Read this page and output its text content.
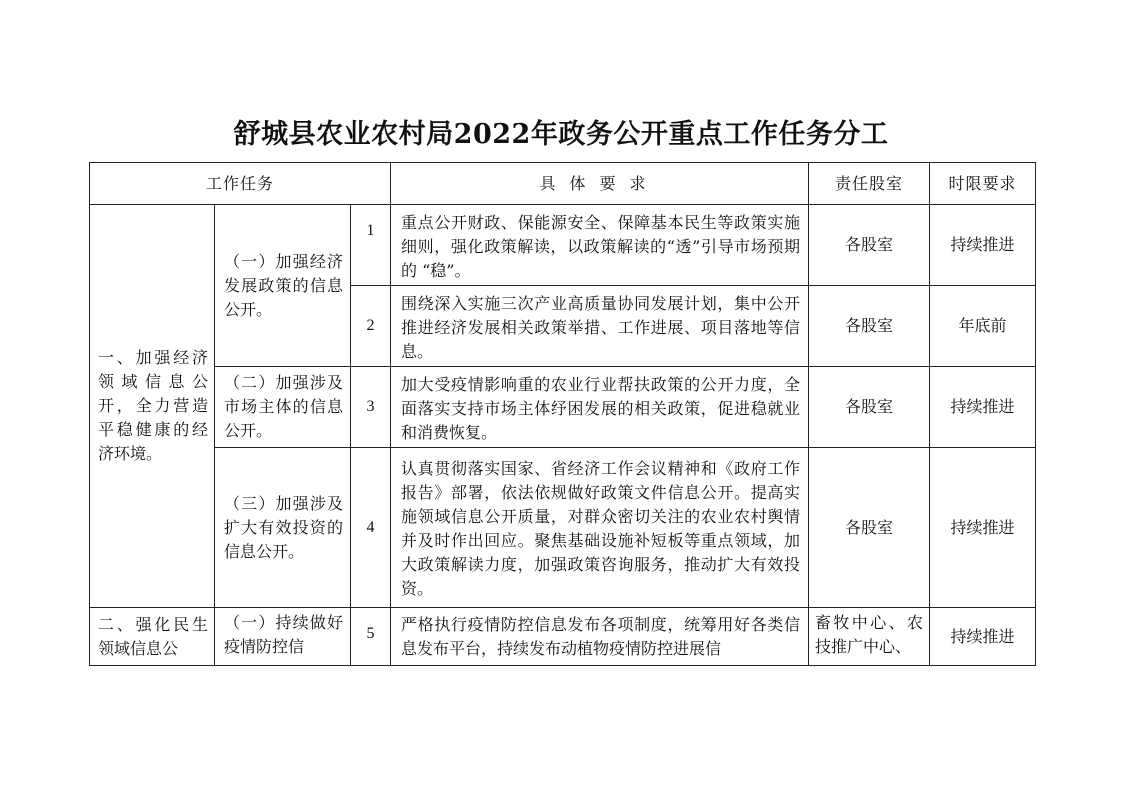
舒城县农业农村局2022年政务公开重点工作任务分工
工作任务			具体要求	责任股室	时限要求
一、加强经济领域信息公开，全力营造平稳健康的经济环境。	（一）加强经济发展政策的信息公开。	1	重点公开财政、保能源安全、保障基本民生等政策实施细则，强化政策解读，以政策解读的“透”引导市场预期的 “稳”。	各股室	持续推进
		2	围绕深入实施三次产业高质量协同发展计划，集中公开推进经济发展相关政策举措、工作进展、项目落地等信息。	各股室	年底前
	（二）加强涉及市场主体的信息公开。	3	加大受疫情影响重的农业行业帮扶政策的公开力度，全面落实支持市场主体纾困发展的相关政策，促进稳就业和消费恢复。	各股室	持续推进
	（三）加强涉及扩大有效投资的信息公开。	4	认真贯彻落实国家、省经济工作会议精神和《政府工作报告》部署，依法依规做好政策文件信息公开。提高实施领域信息公开质量，对群众密切关注的农业农村舆情并及时作出回应。聚焦基础设施补短板等重点领域，加大政策解读力度，加强政策咨询服务，推动扩大有效投资。	各股室	持续推进

二、强化民生领域信息公	（一）持续做好疫情防控信	5	严格执行疫情防控信息发布各项制度，统筹用好各类信息发布平台，持续发布动植物疫情防控进展信	畜牧中心、农技推广中心、	持续推进
